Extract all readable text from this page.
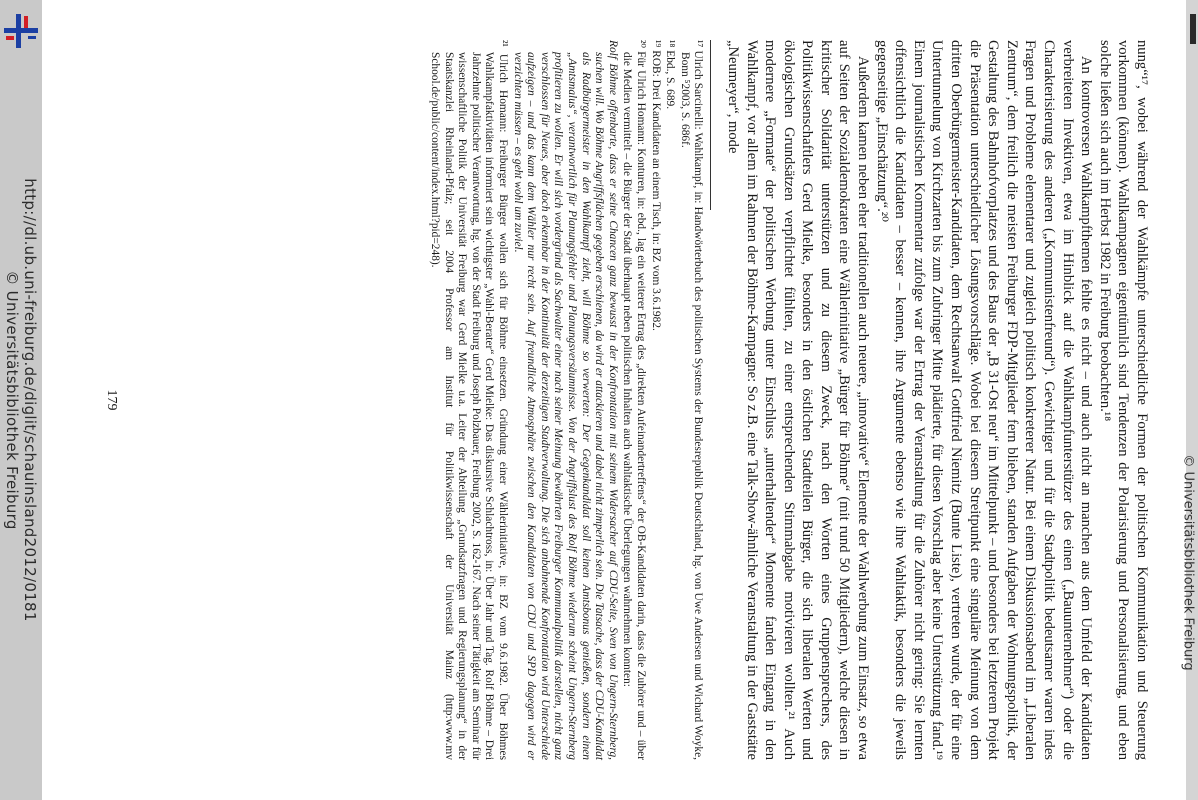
http://dl.ub.uni-freiburg.de/diglit/schauinsland2012/0181
© Universitätsbibliothek Freiburg
© Universitätsbibliothek Freiburg

nung“¹⁷, wobei während der Wahlkämpfe unterschiedliche Formen der politischen Kommunikation und Steuerung vorkommen (können). Wahlkampagnen eigentümlich sind Tendenzen der Polarisierung und Personalisierung, und eben solche ließen sich auch im Herbst 1982 in Freiburg beobachten.¹⁸

An kontroversen Wahlkampfthemen fehlte es nicht – und auch nicht an manchen aus dem Umfeld der Kandidaten verbreiteten Invektiven, etwa im Hinblick auf die Wahlkampfunterstützer des einen („Bauunternehmer“) oder die Charakterisierung des anderen („Kommunistenfreund“). Gewichtiger und für die Stadtpolitik bedeutsamer waren indes Fragen und Probleme elementarer und zugleich politisch konkreterer Natur. Bei einem Diskussionsabend im „Liberalen Zentrum“, dem freilich die meisten Freiburger FDP-Mitglieder fern blieben, standen Aufgaben der Wohnungspolitik, der Gestaltung des Bahnhofvorplatzes und des Baus der „B 31-Ost neu“ im Mittelpunkt – und besonders bei letzterem Projekt die Präsentation unterschiedlicher Lösungsvorschläge. Wobei bei diesem Streitpunkt eine singuläre Meinung von dem dritten Oberbürgermeister-Kandidaten, dem Rechtsanwalt Gottfried Niemitz (Bunte Liste), vertreten wurde, der für eine Untertunnelung von Kirchzarten bis zum Zubringer Mitte plädierte, für diesen Vorschlag aber keine Unterstützung fand.¹⁹ Einem journalistischen Kommentar zufolge war der Ertrag der Veranstaltung für die Zuhörer nicht gering: Sie lernten offensichtlich die Kandidaten – besser – kennen, ihre Argumente ebenso wie ihre Wahltaktik, besonders die jeweils gegenseitige „Einschätzung“.²⁰

Außerdem kamen neben eher traditionellen auch neuere, „innovative“ Elemente der Wahlwerbung zum Einsatz, so etwa auf Seiten der Sozialdemokraten eine Wählerinitiative „Bürger für Böhme“ (mit rund 50 Mitgliedern), welche diesen in kritischer Solidarität unterstützen und zu diesem Zweck, nach den Worten eines Gruppensprechers, des Politikwissenschaftlers Gerd Mielke, besonders in den östlichen Stadtteilen Bürger, die sich liberalen Werten und ökologischen Grundsätzen verpflichtet fühlten, zu einer entsprechenden Stimmabgabe motivieren wollten.²¹ Auch modernere „Formate“ der politischen Werbung unter Einschluss „unterhaltender“ Momente fanden Eingang in den Wahlkampf, vor allem im Rahmen der Böhme-Kampagne: So z.B. eine Talk-Show-ähnliche Veranstaltung in der Gaststätte „Neumeyer“, mode

¹⁷ Ulrich Sarcinelli: Wahlkampf, in: Handwörterbuch des politischen Systems der Bundesrepublik Deutschland, hg. von Uwe Andersen und Wichard Woyke, Bonn ⁵2003, S. 686f.

¹⁸ Ebd., S. 689.

¹⁹ ROB: Drei Kandidaten an einem Tisch, in: BZ vom 3.6.1982.

²⁰ Für Ulrich Homann: Konturen, in: ebd., lag ein weiterer Ertrag des „direkten Aufeinandertreffens“ der OB-Kandidaten darin, dass die Zuhörer und – über die Medien vermittelt – die Bürger der Stadt überhaupt neben politischen Inhalten auch wahltaktische Überlegungen wahrnehmen konnten:

Rolf Böhme offenbarte, dass er seine Chancen ganz bewusst in der Konfrontation mit seinem Widersacher auf CDU-Seite, Sven von Ungern-Sternberg, suchen will. Wo Böhme Angriffsflächen gegeben erschienen, da wird er attackieren und dabei nicht zimperlich sein. Die Tatsache, dass der CDU-Kandidat als Radbürgermeister in den Wahlkampf zieht, will Böhme so verwerten: Der Gegenkandidat soll keinen Amtsbonus genießen, sondern einen „Amtsmalus“, verantwortlich für Planungsfehler und Planungsversäumnisse. Von der Angriffslust des Rolf Böhme wiederum scheint Ungern-Sternberg profitieren zu wollen. Er will sich vordergründ als Sachwalter einer nach seiner Meinung bewährten Freiburger Kommunalpolitik darstellen, nicht ganz verschlossen für Neues, aber doch erkennbar in der Kontinuität der derzeitigen Stadtverwaltung. Die sich anbahnende Konfrontation wird Unterschiede aufzeigen – und das kann dem Wähler nur recht sein. Auf freundliche Atmosphäre zwischen den Kandidaten von CDU und SPD dagegen wird er verzichten müssen – es geht wohl um zuviel.

²¹ Ulrich Homann: Freiburger Bürger wollen sich für Böhme einsetzen. Gründung einer Wählerinitiative, in: BZ vom 9.6.1982. Über Böhmes Wahlkampfaktivitäten informiert sein wichtigster „Wahl-Berater“ Gerd Mielke: Das diskursive Schlachtross, in: Über Jahr und Tag. Rolf Böhme – Drei Jahrzehnte politischer Verantwortung, hg. von der Stadt Freiburg und Joseph Polzbauer, Freiburg 2002, S. 162-167. Nach seiner Tätigkeit am Seminar für wissenschaftliche Politik der Universität Freiburg war Gerd Mielke u.a. Leiter der Abteilung „Grundsatzfragen und Regierungsplanung“ in der Staatskanzlei Rheinland-Pfalz; seit 2004 Professor am Institut für Politikwissenschaft der Universität Mainz (http:www.mv School.de/public/content/index.html?pid=248).

179
